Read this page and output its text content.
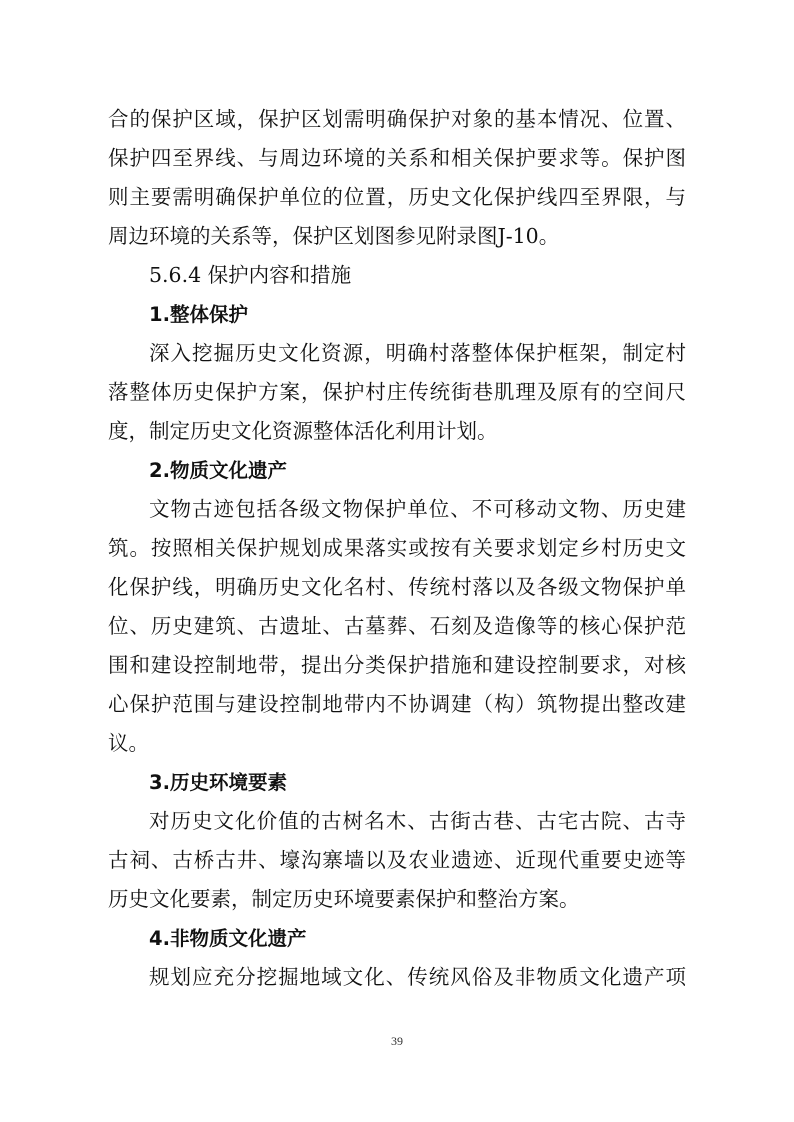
合的保护区域，保护区划需明确保护对象的基本情况、位置、
保护四至界线、与周边环境的关系和相关保护要求等。保护图
则主要需明确保护单位的位置，历史文化保护线四至界限，与
周边环境的关系等，保护区划图参见附录图J-10。
5.6.4 保护内容和措施
1.整体保护
深入挖掘历史文化资源，明确村落整体保护框架，制定村
落整体历史保护方案，保护村庄传统街巷肌理及原有的空间尺
度，制定历史文化资源整体活化利用计划。
2.物质文化遗产
文物古迹包括各级文物保护单位、不可移动文物、历史建
筑。按照相关保护规划成果落实或按有关要求划定乡村历史文
化保护线，明确历史文化名村、传统村落以及各级文物保护单
位、历史建筑、古遗址、古墓葬、石刻及造像等的核心保护范
围和建设控制地带，提出分类保护措施和建设控制要求，对核
心保护范围与建设控制地带内不协调建（构）筑物提出整改建
议。
3.历史环境要素
对历史文化价值的古树名木、古街古巷、古宅古院、古寺
古祠、古桥古井、壕沟寨墙以及农业遗迹、近现代重要史迹等
历史文化要素，制定历史环境要素保护和整治方案。
4.非物质文化遗产
规划应充分挖掘地域文化、传统风俗及非物质文化遗产项
39
